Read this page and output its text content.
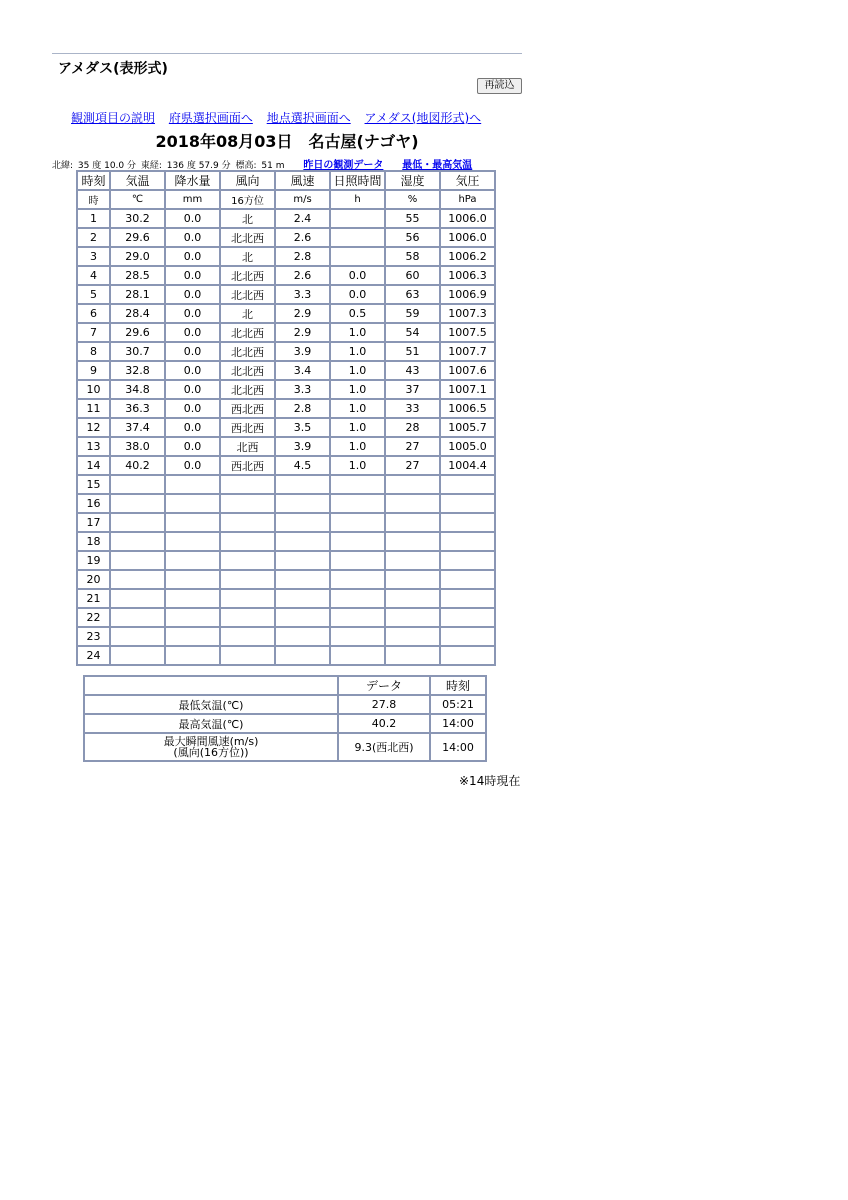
アメダス(表形式)
再読込
観測項目の説明 府県選択画面へ 地点選択画面へ アメダス(地図形式)へ
2018年08月03日　名古屋(ナゴヤ)
北緯: 35 度 10.0 分 東経: 136 度 57.9 分 標高: 51 m 昨日の観測データ 最低・最高気温
時刻	気温	降水量	風向	風速	日照時間	湿度	気圧
時	℃	mm	16方位	m/s	h	%	hPa
1	30.2	0.0	北	2.4		55	1006.0
2	29.6	0.0	北北西	2.6		56	1006.0
3	29.0	0.0	北	2.8		58	1006.2
4	28.5	0.0	北北西	2.6	0.0	60	1006.3
5	28.1	0.0	北北西	3.3	0.0	63	1006.9
6	28.4	0.0	北	2.9	0.5	59	1007.3
7	29.6	0.0	北北西	2.9	1.0	54	1007.5
8	30.7	0.0	北北西	3.9	1.0	51	1007.7
9	32.8	0.0	北北西	3.4	1.0	43	1007.6
10	34.8	0.0	北北西	3.3	1.0	37	1007.1
11	36.3	0.0	西北西	2.8	1.0	33	1006.5
12	37.4	0.0	西北西	3.5	1.0	28	1005.7
13	38.0	0.0	北西	3.9	1.0	27	1005.0
14	40.2	0.0	西北西	4.5	1.0	27	1004.4
15							
16							
17							
18							
19							
20							
21							
22							
23							
24							
	データ	時刻
最低気温(℃)	27.8	05:21
最高気温(℃)	40.2	14:00

最大瞬間風速(m/s)
(風向(16方位))	9.3(西北西)	14:00
※14時現在
